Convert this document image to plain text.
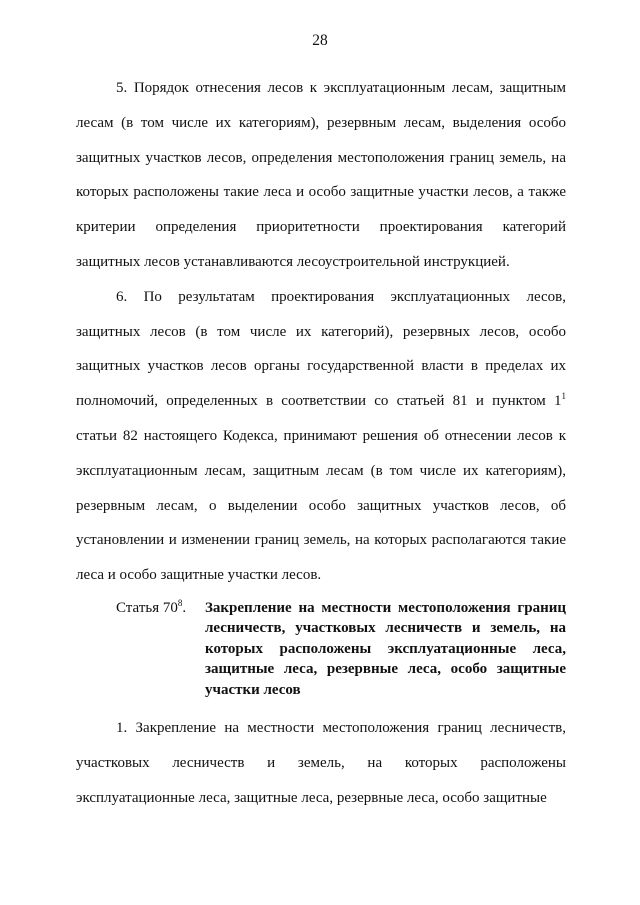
28

5. Порядок отнесения лесов к эксплуатационным лесам, защитным лесам (в том числе их категориям), резервным лесам, выделения особо защитных участков лесов, определения местоположения границ земель, на которых расположены такие леса и особо защитные участки лесов, а также критерии определения приоритетности проектирования категорий защитных лесов устанавливаются лесоустроительной инструкцией.

6. По результатам проектирования эксплуатационных лесов, защитных лесов (в том числе их категорий), резервных лесов, особо защитных участков лесов органы государственной власти в пределах их полномочий, определенных в соответствии со статьей 81 и пунктом $1^1$ статьи 82 настоящего Кодекса, принимают решения об отнесении лесов к эксплуатационным лесам, защитным лесам (в том числе их категориям), резервным лесам, о выделении особо защитных участков лесов, об установлении и изменении границ земель, на которых располагаются такие леса и особо защитные участки лесов.

Статья $70^8$.	Закрепление на местности местоположения границ лесничеств, участковых лесничеств и земель, на которых расположены эксплуатационные леса, защитные леса, резервные леса, особо защитные участки лесов

1. Закрепление на местности местоположения границ лесничеств, участковых лесничеств и земель, на которых расположены эксплуатационные леса, защитные леса, резервные леса, особо защитные
